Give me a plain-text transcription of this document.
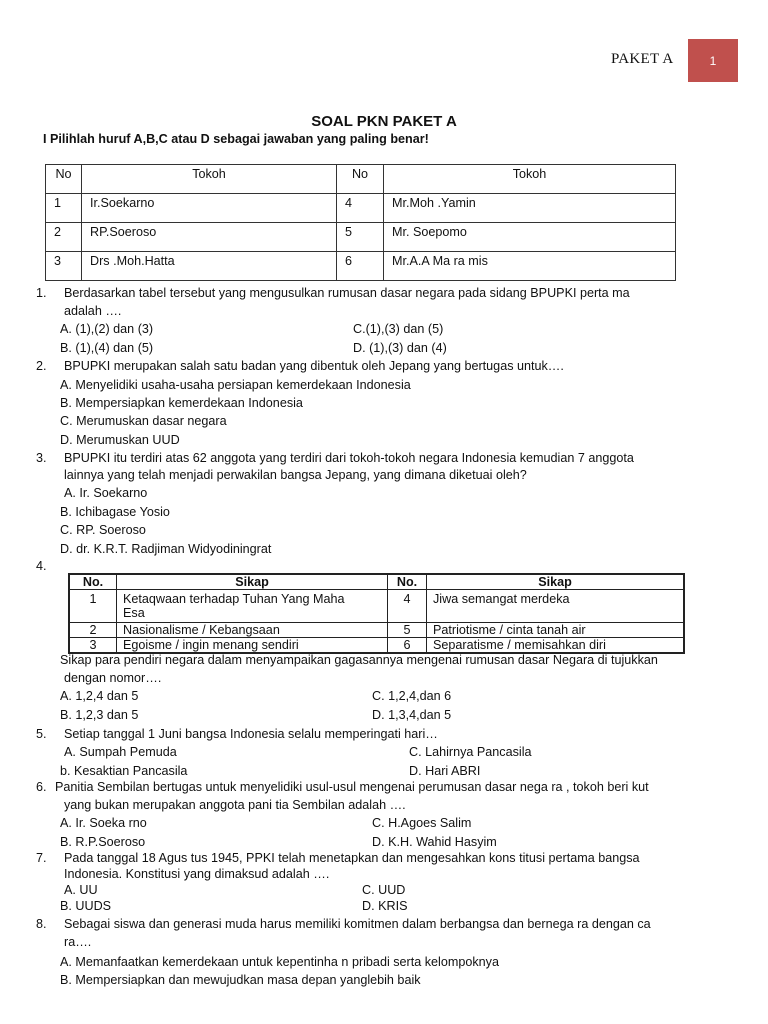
PAKET A	1
SOAL PKN PAKET A
I Pilihlah huruf A,B,C atau D sebagai jawaban yang paling benar!
No	Tokoh	No	Tokoh
1	Ir.Soekarno	4	Mr.Moh .Yamin
2	RP.Soeroso	5	Mr. Soepomo
3	Drs .Moh.Hatta	6	Mr.A.A Ma ra mis
1. Berdasarkan tabel tersebut yang mengusulkan rumusan dasar negara pada sidang BPUPKI perta ma
adalah ….
A. (1),(2) dan (3)	C.(1),(3) dan (5)
B. (1),(4) dan (5)	D. (1),(3) dan (4)
2. BPUPKI merupakan salah satu badan yang dibentuk oleh Jepang yang bertugas untuk….
A. Menyelidiki usaha-usaha persiapan kemerdekaan Indonesia
B. Mempersiapkan kemerdekaan Indonesia
C. Merumuskan dasar negara
D. Merumuskan UUD
3. BPUPKI itu terdiri atas 62 anggota yang terdiri dari tokoh-tokoh negara Indonesia kemudian 7 anggota
lainnya yang telah menjadi perwakilan bangsa Jepang, yang dimana diketuai oleh?
A. Ir. Soekarno
B. Ichibagase Yosio
C. RP. Soeroso
D. dr. K.R.T. Radjiman Widyodiningrat
4.
No.	Sikap	No.	Sikap
1	Ketaqwaan terhadap Tuhan Yang Maha Esa	4	Jiwa semangat merdeka
2	Nasionalisme / Kebangsaan	5	Patriotisme / cinta tanah air
3	Egoisme / ingin menang sendiri	6	Separatisme / memisahkan diri
Sikap para pendiri negara dalam menyampaikan gagasannya mengenai rumusan dasar Negara di tujukkan
dengan nomor….
A. 1,2,4 dan 5	C. 1,2,4,dan 6
B. 1,2,3 dan 5	D. 1,3,4,dan 5
5. Setiap tanggal 1 Juni bangsa Indonesia selalu memperingati hari…
A. Sumpah Pemuda	C. Lahirnya Pancasila
b. Kesaktian Pancasila	D. Hari ABRI
6. Panitia Sembilan bertugas untuk menyelidiki usul-usul mengenai perumusan dasar nega ra , tokoh beri kut
yang bukan merupakan anggota pani tia Sembilan adalah ….
A. Ir. Soeka rno	C. H.Agoes Salim
B. R.P.Soeroso	D. K.H. Wahid Hasyim
7. Pada tanggal 18 Agus tus 1945, PPKI telah menetapkan dan mengesahkan kons titusi pertama bangsa
Indonesia. Konstitusi yang dimaksud adalah ….
A. UU	C. UUD
B. UUDS	D. KRIS
8. Sebagai siswa dan generasi muda harus memiliki komitmen dalam berbangsa dan bernega ra dengan ca
ra….
A. Memanfaatkan kemerdekaan untuk kepentinha n pribadi serta kelompoknya
B. Mempersiapkan dan mewujudkan masa depan yanglebih baik
